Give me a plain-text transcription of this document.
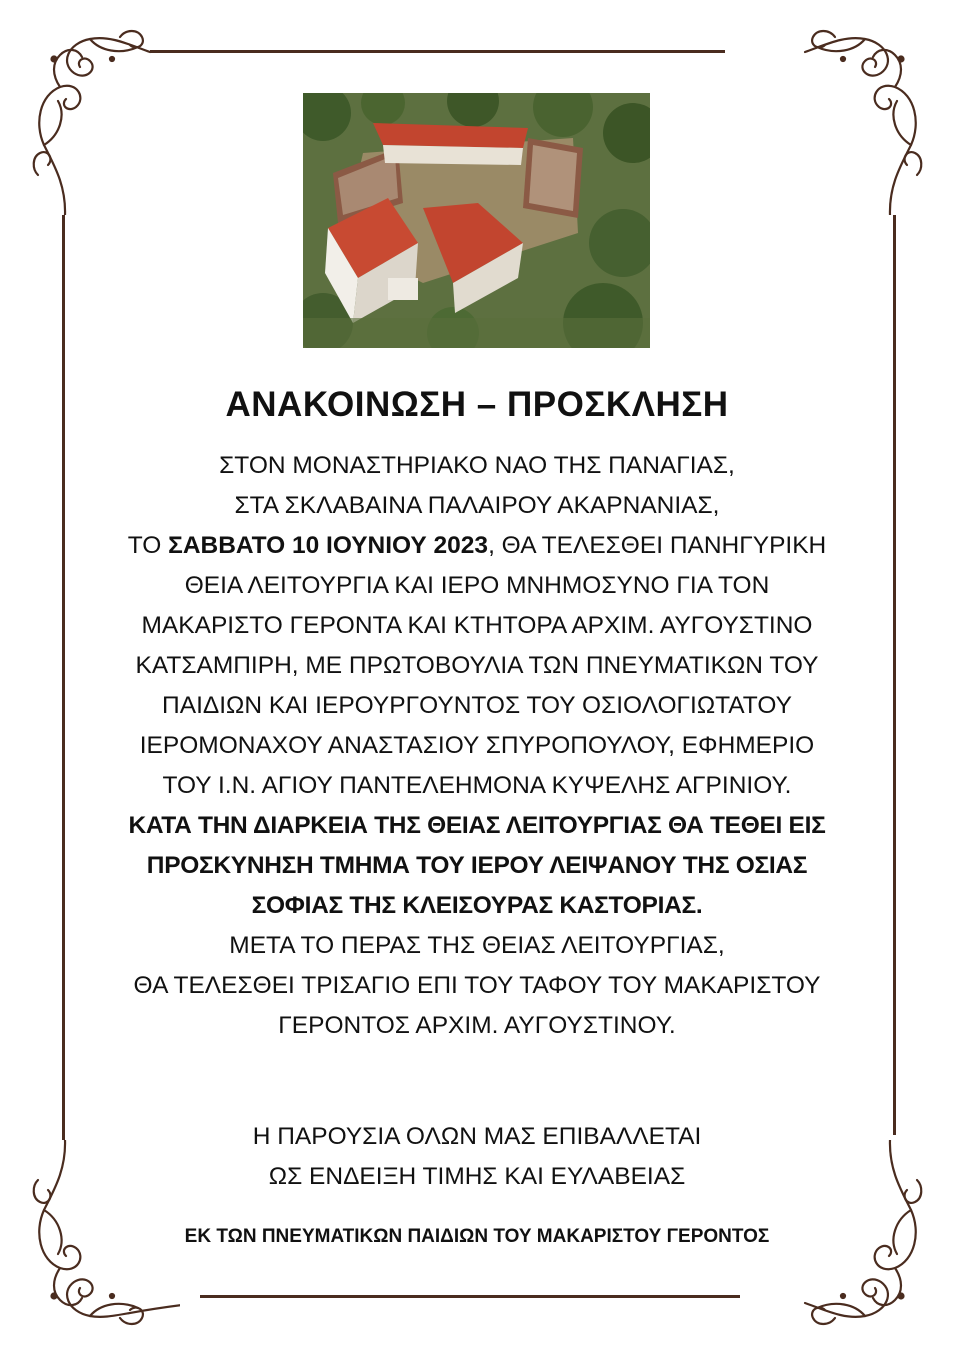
ΑΝΑΚΟΙΝΩΣΗ – ΠΡΟΣΚΛΗΣΗ
ΣΤΟΝ ΜΟΝΑΣΤΗΡΙΑΚΟ ΝΑΟ ΤΗΣ ΠΑΝΑΓΙΑΣ,
ΣΤΑ ΣΚΛΑΒΑΙΝΑ ΠΑΛΑΙΡΟΥ ΑΚΑΡΝΑΝΙΑΣ,
ΤΟ ΣΑΒΒΑΤΟ 10 ΙΟΥΝΙΟΥ 2023, ΘΑ ΤΕΛΕΣΘΕΙ ΠΑΝΗΓΥΡΙΚΗ
ΘΕΙΑ ΛΕΙΤΟΥΡΓΙΑ ΚΑΙ ΙΕΡΟ ΜΝΗΜΟΣΥΝΟ ΓΙΑ ΤΟΝ
ΜΑΚΑΡΙΣΤΟ ΓΕΡΟΝΤΑ ΚΑΙ ΚΤΗΤΟΡΑ ΑΡΧΙΜ. ΑΥΓΟΥΣΤΙΝΟ
ΚΑΤΣΑΜΠΙΡΗ, ΜΕ ΠΡΩΤΟΒΟΥΛΙΑ ΤΩΝ ΠΝΕΥΜΑΤΙΚΩΝ ΤΟΥ
ΠΑΙΔΙΩΝ ΚΑΙ ΙΕΡΟΥΡΓΟΥΝΤΟΣ ΤΟΥ ΟΣΙΟΛΟΓΙΩΤΑΤΟΥ
ΙΕΡΟΜΟΝΑΧΟΥ ΑΝΑΣΤΑΣΙΟΥ ΣΠΥΡΟΠΟΥΛΟΥ, ΕΦΗΜΕΡΙΟ
ΤΟΥ Ι.Ν. ΑΓΙΟΥ ΠΑΝΤΕΛΕΗΜΟΝΑ ΚΥΨΕΛΗΣ ΑΓΡΙΝΙΟΥ.
ΚΑΤΑ ΤΗΝ ΔΙΑΡΚΕΙΑ ΤΗΣ ΘΕΙΑΣ ΛΕΙΤΟΥΡΓΙΑΣ ΘΑ ΤΕΘΕΙ ΕΙΣ
ΠΡΟΣΚΥΝΗΣΗ ΤΜΗΜΑ ΤΟΥ ΙΕΡΟΥ ΛΕΙΨΑΝΟΥ ΤΗΣ ΟΣΙΑΣ
ΣΟΦΙΑΣ ΤΗΣ ΚΛΕΙΣΟΥΡΑΣ ΚΑΣΤΟΡΙΑΣ.
ΜΕΤΑ ΤΟ ΠΕΡΑΣ ΤΗΣ ΘΕΙΑΣ ΛΕΙΤΟΥΡΓΙΑΣ,
ΘΑ ΤΕΛΕΣΘΕΙ ΤΡΙΣΑΓΙΟ ΕΠΙ ΤΟΥ ΤΑΦΟΥ ΤΟΥ ΜΑΚΑΡΙΣΤΟΥ
ΓΕΡΟΝΤΟΣ ΑΡΧΙΜ. ΑΥΓΟΥΣΤΙΝΟΥ.
Η ΠΑΡΟΥΣΙΑ ΟΛΩΝ ΜΑΣ ΕΠΙΒΑΛΛΕΤΑΙ
ΩΣ ΕΝΔΕΙΞΗ ΤΙΜΗΣ ΚΑΙ ΕΥΛΑΒΕΙΑΣ
ΕΚ ΤΩΝ ΠΝΕΥΜΑΤΙΚΩΝ ΠΑΙΔΙΩΝ ΤΟΥ ΜΑΚΑΡΙΣΤΟΥ ΓΕΡΟΝΤΟΣ
